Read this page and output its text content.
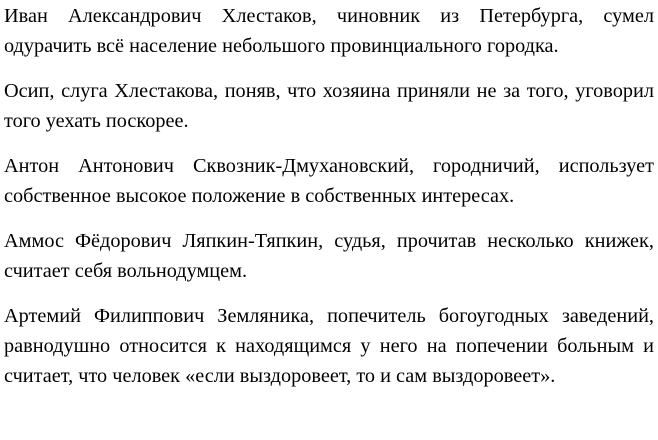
Иван Александрович Хлестаков, чиновник из Петербурга, сумел одурачить всё население небольшого провинциального городка.

Осип, слуга Хлестакова, поняв, что хозяина приняли не за того, уговорил того уехать поскорее.

Антон Антонович Сквозник-Дмухановский, городничий, использует собственное высокое положение в собственных интересах.

Аммос Фёдорович Ляпкин-Тяпкин, судья, прочитав несколько книжек, считает себя вольнодумцем.

Артемий Филиппович Земляника, попечитель богоугодных заведений, равнодушно относится к находящимся у него на попечении больным и считает, что человек «если выздоровеет, то и сам выздоровеет».
